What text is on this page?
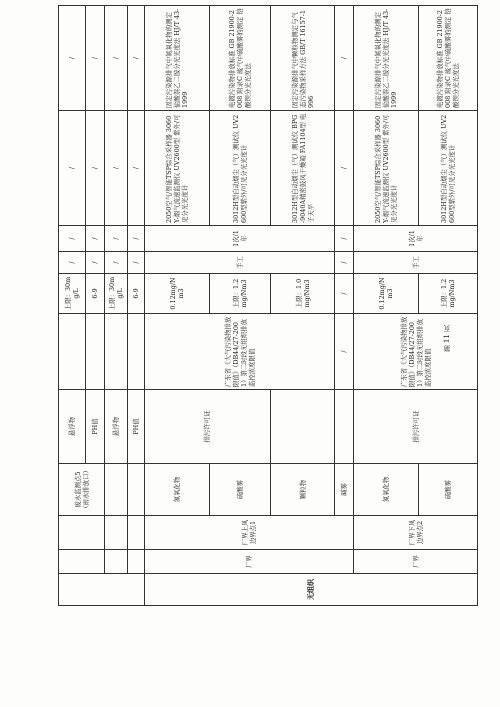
			废水监测点5（雨水排放口）	悬浮物		上限：30mg/L	/	/	/	/
				PH值		6-9	/	/	/	/
				悬浮物		上限：30mg/L	/	/	/	/
				PH值		6-9	/	/	/	/
无组织	厂界	厂界上风边界点1	氮氧化物	排污许可证	广东省《大气污染物排放限值》（DB44/27-2001）第二时段无组织排放监控浓度限值	0.12mg/Nm3	手工	1次/1年	2050空气/智能TSP综合采样器 3060Y-烟气流速监测仪 UV2600型 紫外/可见分光光度计	固定污染源排气中氮氧化物的测定 盐酸萘乙二胺分光光度法 HJ/T 43-1999
			硫酸雾			上限：1.2mg/Nm3			3012H型自动烟尘（气）测试仪 UV2600型紫外/可见分光光度计	电镀污染物排放标准 GB 21900-2008 附录C 废气中硫酸雾的测定 铬酸钡分光光度法
			颗粒物			上限：1.0mg/Nm3			3012H型自动烟尘（气）测试仪 BPG-9040A精密鼓风干燥箱 FA1104型 电子天平	固定污染源排气中颗粒物测定与气态污染物采样方法 GB/T 16157-1996
			碱雾		/	/	/	/	/	/
	厂界	厂界下风边界点2	氮氧化物	排污许可证	广东省《大气污染物排放限值》（DB44/27-2001）第二时段无组织排放监控浓度限值	0.12mg/Nm3	手工	1次/1年	2050空气/智能TSP综合采样器 3060Y-烟气流速监测仪 UV2600型 紫外/可见分光光度计	固定污染源排气中氮氧化物的测定 盐酸萘乙二胺分光光度法 HJ/T 43-1999
			硫酸雾			上限：1.2mg/Nm3			3012H型自动烟尘（气）测试仪 UV2600型紫外/可见分光光度计	电镀污染物排放标准 GB 21900-2008 附录C 废气中硫酸雾的测定 铬酸钡分光光度法
第 11 页
